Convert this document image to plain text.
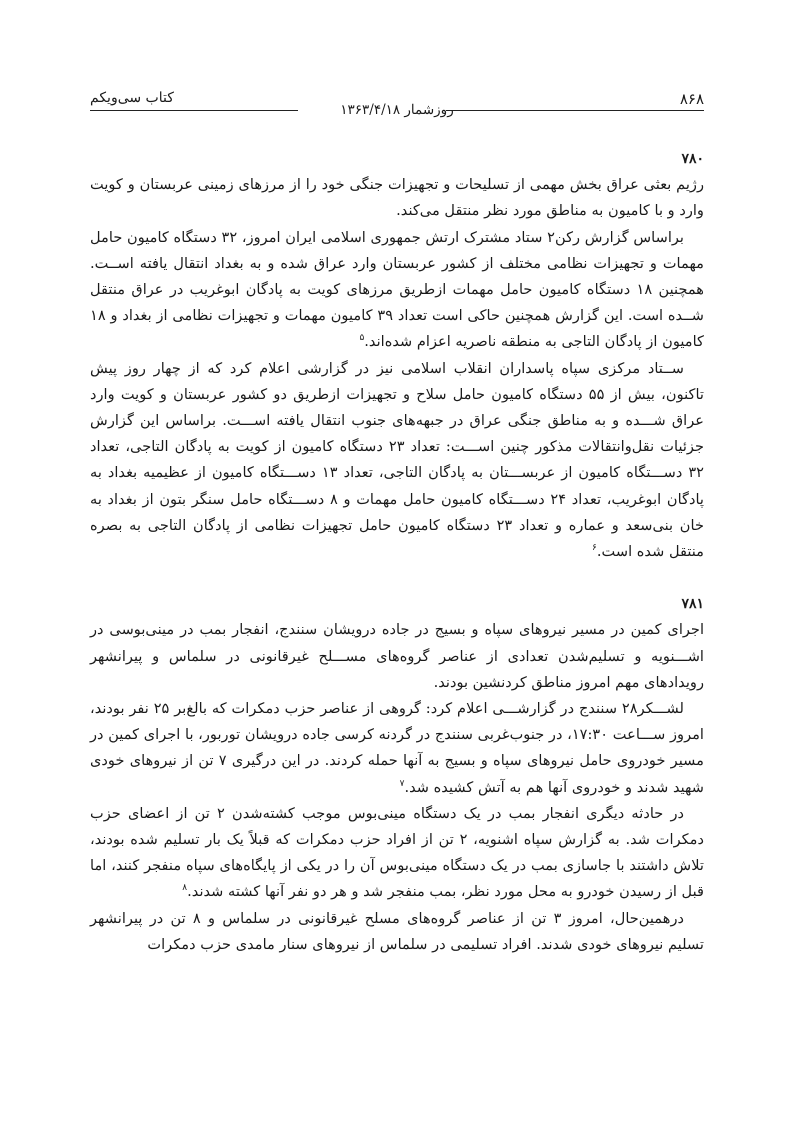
۸۶۸
روزشمار ۱۳۶۳/۴/۱۸
کتاب سی‌ویکم

۷۸۰

رژیم بعثی عراق بخش مهمی از تسلیحات و تجهیزات جنگی خود را از مرزهای زمینی عربستان و کویت وارد و با کامیون به مناطق مورد نظر منتقل می‌کند.

براساس گزارش رکن۲ ستاد مشترک ارتش جمهوری اسلامی ایران امروز، ۳۲ دستگاه کامیون حامل مهمات و تجهیزات نظامی مختلف از کشور عربستان وارد عراق شده و به بغداد انتقال یافته اســت. همچنین ۱۸ دستگاه کامیون حامل مهمات ازطریق مرزهای کویت به پادگان ابوغریب در عراق منتقل شــده است. این گزارش همچنین حاکی است تعداد ۳۹ کامیون مهمات و تجهیزات نظامی از بغداد و ۱۸ کامیون از پادگان التاجی به منطقه ناصریه اعزام شده‌اند.$^۵$

ســتاد مرکزی سپاه پاسداران انقلاب اسلامی نیز در گزارشی اعلام کرد که از چهار روز پیش تاکنون، بیش از ۵۵ دستگاه کامیون حامل سلاح و تجهیزات ازطریق دو کشور عربستان و کویت وارد عراق شـــده و به مناطق جنگی عراق در جبهه‌های جنوب انتقال یافته اســـت. براساس این گزارش جزئیات نقل‌وانتقالات مذکور چنین اســـت: تعداد ۲۳ دستگاه کامیون از کویت به پادگان التاجی، تعداد ۳۲ دســـتگاه کامیون از عربســـتان به پادگان التاجی، تعداد ۱۳ دســـتگاه کامیون از عظیمیه بغداد به پادگان ابوغریب، تعداد ۲۴ دســـتگاه کامیون حامل مهمات و ۸ دســـتگاه حامل سنگر بتون از بغداد به خان بنی‌سعد و عماره و تعداد ۲۳ دستگاه کامیون حامل تجهیزات نظامی از پادگان التاجی به بصره منتقل شده است.$^۶$

۷۸۱

اجرای کمین در مسیر نیروهای سپاه و بسیج در جاده درویشان سنندج، انفجار بمب در مینی‌بوسی در اشـــنویه و تسلیم‌شدن تعدادی از عناصر گروه‌های مســـلح غیرقانونی در سلماس و پیرانشهر رویدادهای مهم امروز مناطق کردنشین بودند.

لشـــکر۲۸ سنندج در گزارشـــی اعلام کرد: گروهی از عناصر حزب دمکرات که بالغ‌بر ۲۵ نفر بودند، امروز ســـاعت ۱۷:۳۰، در جنوب‌غربی سنندج در گردنه کرسی جاده درویشان توربور، با اجرای کمین در مسیر خودروی حامل نیروهای سپاه و بسیج به آنها حمله کردند. در این درگیری ۷ تن از نیروهای خودی شهید شدند و خودروی آنها هم به آتش کشیده شد.$^۷$

در حادثه دیگری انفجار بمب در یک دستگاه مینی‌بوس موجب کشته‌شدن ۲ تن از اعضای حزب دمکرات شد. به گزارش سپاه اشنویه، ۲ تن از افراد حزب دمکرات که قبلاً یک بار تسلیم شده بودند، تلاش داشتند با جاسازی بمب در یک دستگاه مینی‌بوس آن را در یکی از پایگاه‌های سپاه منفجر کنند، اما قبل از رسیدن خودرو به محل مورد نظر، بمب منفجر شد و هر دو نفر آنها کشته شدند.$^۸$

درهمین‌حال، امروز ۳ تن از عناصر گروه‌های مسلح غیرقانونی در سلماس و ۸ تن در پیرانشهر تسلیم نیروهای خودی شدند. افراد تسلیمی در سلماس از نیروهای سنار مامدی حزب دمکرات
